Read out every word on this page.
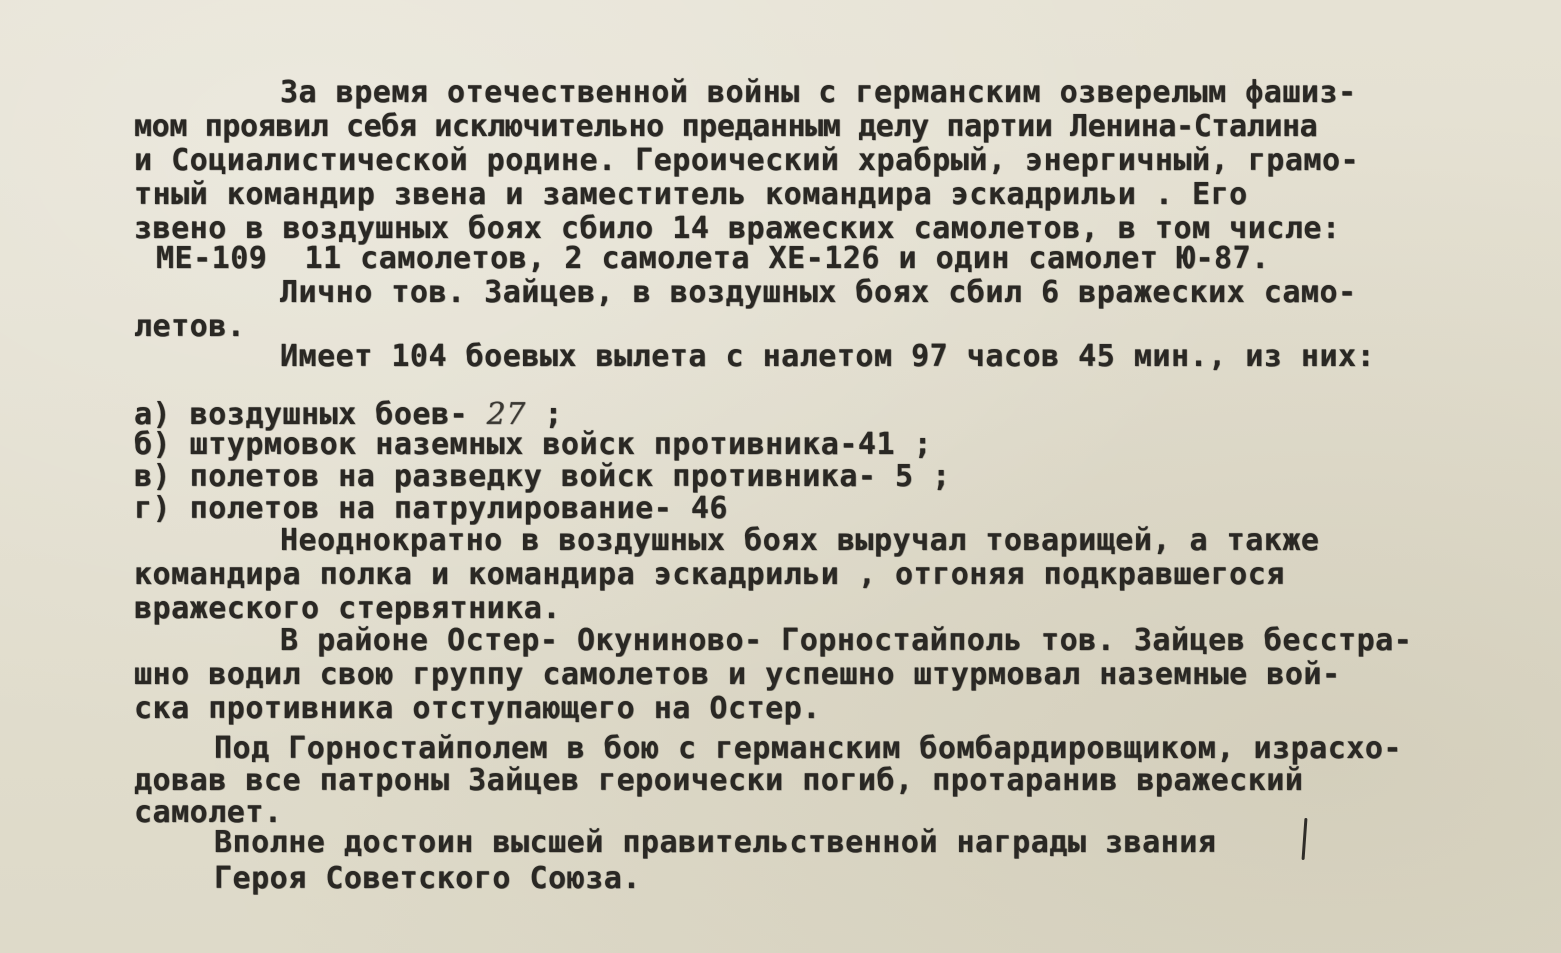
За время отечественной войны с германским озверелым фашиз-

мом проявил себя исключительно преданным делу партии Ленина-Сталина

и Социалистической родине. Героический храбрый, энергичный, грамо-

тный командир звена и заместитель командира эскадрильи . Его

звено в воздушных боях сбило 14 вражеских самолетов, в том числе:

МЕ-109  11 самолетов, 2 самолета ХЕ-126 и один самолет Ю-87.

Лично тов. Зайцев, в воздушных боях сбил 6 вражеских само-

летов.

Имеет 104 боевых вылета с налетом 97 часов 45 мин., из них:

а) воздушных боев- 27 ;

б) штурмовок наземных войск противника-41 ;

в) полетов на разведку войск противника- 5 ;

г) полетов на патрулирование- 46

Неоднократно в воздушных боях выручал товарищей, а также

командира полка и командира эскадрильи , отгоняя подкравшегося

вражеского стервятника.

В районе Остер- Окуниново- Горностайполь тов. Зайцев бесстра-

шно водил свою группу самолетов и успешно штурмовал наземные вой-

ска противника отступающего на Остер.

Под Горностайполем в бою с германским бомбардировщиком, израсхо-

довав все патроны Зайцев героически погиб, протаранив вражеский

самолет.

Вполне достоин высшей правительственной награды звания

Героя Советского Союза.
